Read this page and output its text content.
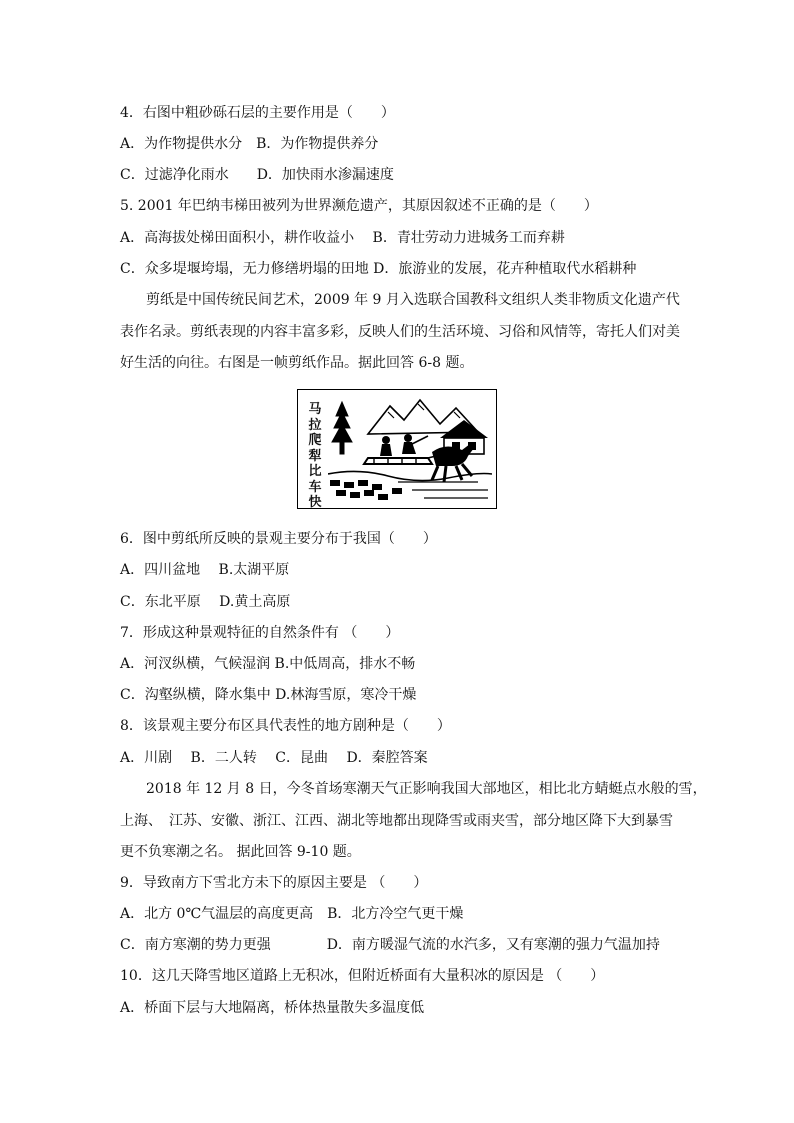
4．右图中粗砂砾石层的主要作用是（　　）
A．为作物提供水分　B．为作物提供养分
C．过滤净化雨水　　D．加快雨水渗漏速度
5. 2001 年巴纳韦梯田被列为世界濒危遗产，其原因叙述不正确的是（　　）
A．高海拔处梯田面积小，耕作收益小　 B．青壮劳动力进城务工而弃耕
C．众多堤堰垮塌，无力修缮坍塌的田地 D．旅游业的发展，花卉种植取代水稻耕种
剪纸是中国传统民间艺术，2009 年 9 月入选联合国教科文组织人类非物质文化遗产代
表作名录。剪纸表现的内容丰富多彩，反映人们的生活环境、习俗和风情等，寄托人们对美
好生活的向往。右图是一帧剪纸作品。据此回答 6-8 题。
马
拉
爬
犁
比
车
快
6．图中剪纸所反映的景观主要分布于我国（　　）
A．四川盆地　 B.太湖平原
C．东北平原　 D.黄土高原
7．形成这种景观特征的自然条件有 （　　）
A．河汊纵横，气候湿润 B.中低周高，排水不畅
C．沟壑纵横，降水集中 D.林海雪原，寒冷干燥
8．该景观主要分布区具代表性的地方剧种是（　　）
A．川剧　 B．二人转　 C．昆曲　 D．秦腔答案
2018 年 12 月 8 日，今冬首场寒潮天气正影响我国大部地区，相比北方蜻蜓点水般的雪，
上海、　江苏、安徽、浙江、江西、湖北等地都出现降雪或雨夹雪，部分地区降下大到暴雪
更不负寒潮之名。 据此回答 9-10 题。
9．导致南方下雪北方未下的原因主要是 （　　）
A．北方 0℃气温层的高度更高　B．北方冷空气更干燥
C．南方寒潮的势力更强　　　　D．南方暖湿气流的水汽多，又有寒潮的强力气温加持
10．这几天降雪地区道路上无积冰，但附近桥面有大量积冰的原因是 （　　）
A．桥面下层与大地隔离，桥体热量散失多温度低
